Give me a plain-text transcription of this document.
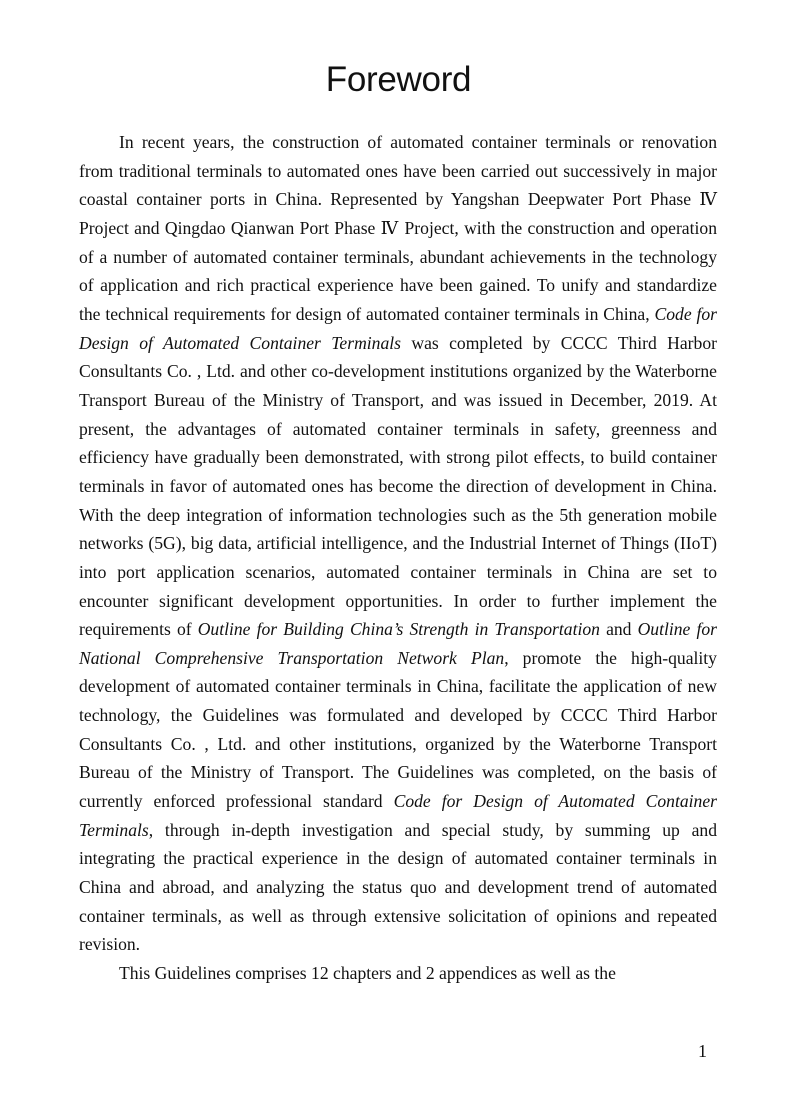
Foreword

In recent years, the construction of automated container terminals or renovation from traditional terminals to automated ones have been carried out successively in major coastal container ports in China. Represented by Yangshan Deepwater Port Phase Ⅳ Project and Qingdao Qianwan Port Phase Ⅳ Project, with the construction and operation of a number of automated container terminals, abundant achievements in the technology of application and rich practical experience have been gained. To unify and standardize the technical requirements for design of automated container terminals in China, Code for Design of Automated Container Terminals was completed by CCCC Third Harbor Consultants Co. , Ltd. and other co-development institutions organized by the Waterborne Transport Bureau of the Ministry of Transport, and was issued in December, 2019. At present, the advantages of automated container terminals in safety, greenness and efficiency have gradually been demonstrated, with strong pilot effects, to build container terminals in favor of automated ones has become the direction of development in China. With the deep integration of information technologies such as the 5th generation mobile networks (5G), big data, artificial intelligence, and the Industrial Internet of Things (IIoT) into port application scenarios, automated container terminals in China are set to encounter significant development opportunities. In order to further implement the requirements of Outline for Building China’s Strength in Transportation and Outline for National Comprehensive Transportation Network Plan, promote the high-quality development of automated container terminals in China, facilitate the application of new technology, the Guidelines was formulated and developed by CCCC Third Harbor Consultants Co. , Ltd. and other institutions, organized by the Waterborne Transport Bureau of the Ministry of Transport. The Guidelines was completed, on the basis of currently enforced professional standard Code for Design of Automated Container Terminals, through in-depth investigation and special study, by summing up and integrating the practical experience in the design of automated container terminals in China and abroad, and analyzing the status quo and development trend of automated container terminals, as well as through extensive solicitation of opinions and repeated revision.

This Guidelines comprises 12 chapters and 2 appendices as well as the

1
